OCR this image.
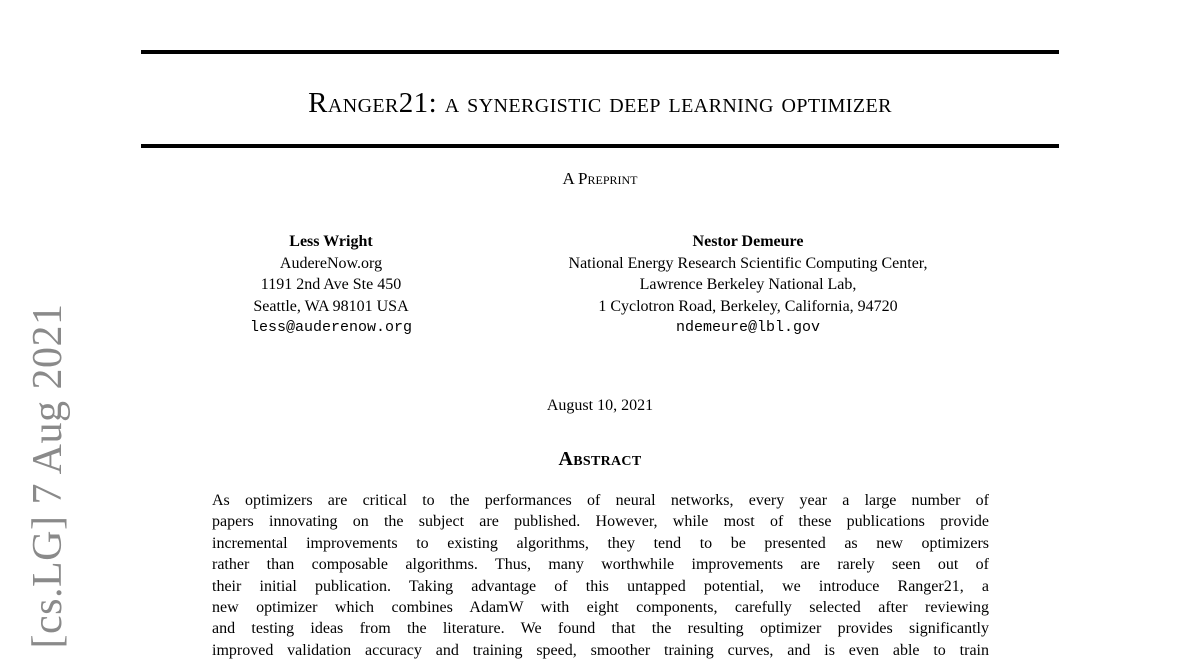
[cs.LG] 7 Aug 2021
Ranger21: a synergistic deep learning optimizer
A Preprint
Less Wright
AudereNow.org
1191 2nd Ave Ste 450
Seattle, WA 98101 USA
less@auderenow.org
Nestor Demeure
National Energy Research Scientific Computing Center,
Lawrence Berkeley National Lab,
1 Cyclotron Road, Berkeley, California, 94720
ndemeure@lbl.gov
August 10, 2021
Abstract
As optimizers are critical to the performances of neural networks, every year a large number of
papers innovating on the subject are published. However, while most of these publications provide
incremental improvements to existing algorithms, they tend to be presented as new optimizers
rather than composable algorithms. Thus, many worthwhile improvements are rarely seen out of
their initial publication. Taking advantage of this untapped potential, we introduce Ranger21, a
new optimizer which combines AdamW with eight components, carefully selected after reviewing
and testing ideas from the literature. We found that the resulting optimizer provides significantly
improved validation accuracy and training speed, smoother training curves, and is even able to train
